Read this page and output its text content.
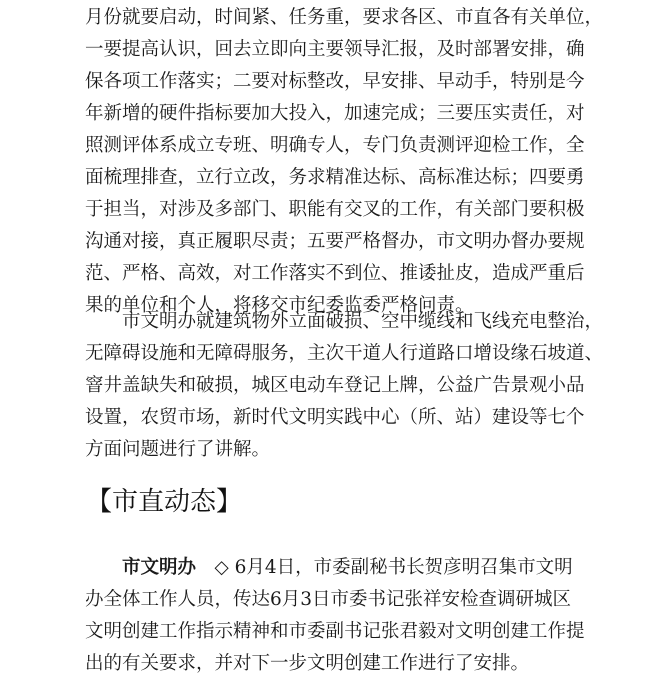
月份就要启动，时间紧、任务重，要求各区、市直各有关单位，
一要提高认识，回去立即向主要领导汇报，及时部署安排，确
保各项工作落实；二要对标整改，早安排、早动手，特别是今
年新增的硬件指标要加大投入，加速完成；三要压实责任，对
照测评体系成立专班、明确专人，专门负责测评迎检工作，全
面梳理排查，立行立改，务求精准达标、高标准达标；四要勇
于担当，对涉及多部门、职能有交叉的工作，有关部门要积极
沟通对接，真正履职尽责；五要严格督办，市文明办督办要规
范、严格、高效，对工作落实不到位、推诿扯皮，造成严重后
果的单位和个人，将移交市纪委监委严格问责。
　　市文明办就建筑物外立面破损、空中缆线和飞线充电整治，
无障碍设施和无障碍服务，主次干道人行道路口增设缘石坡道、
窨井盖缺失和破损，城区电动车登记上牌，公益广告景观小品
设置，农贸市场，新时代文明实践中心（所、站）建设等七个
方面问题进行了讲解。
【市直动态】
　　市文明办　◇ 6月4日，市委副秘书长贺彦明召集市文明
办全体工作人员，传达6月3日市委书记张祥安检查调研城区
文明创建工作指示精神和市委副书记张君毅对文明创建工作提
出的有关要求，并对下一步文明创建工作进行了安排。
